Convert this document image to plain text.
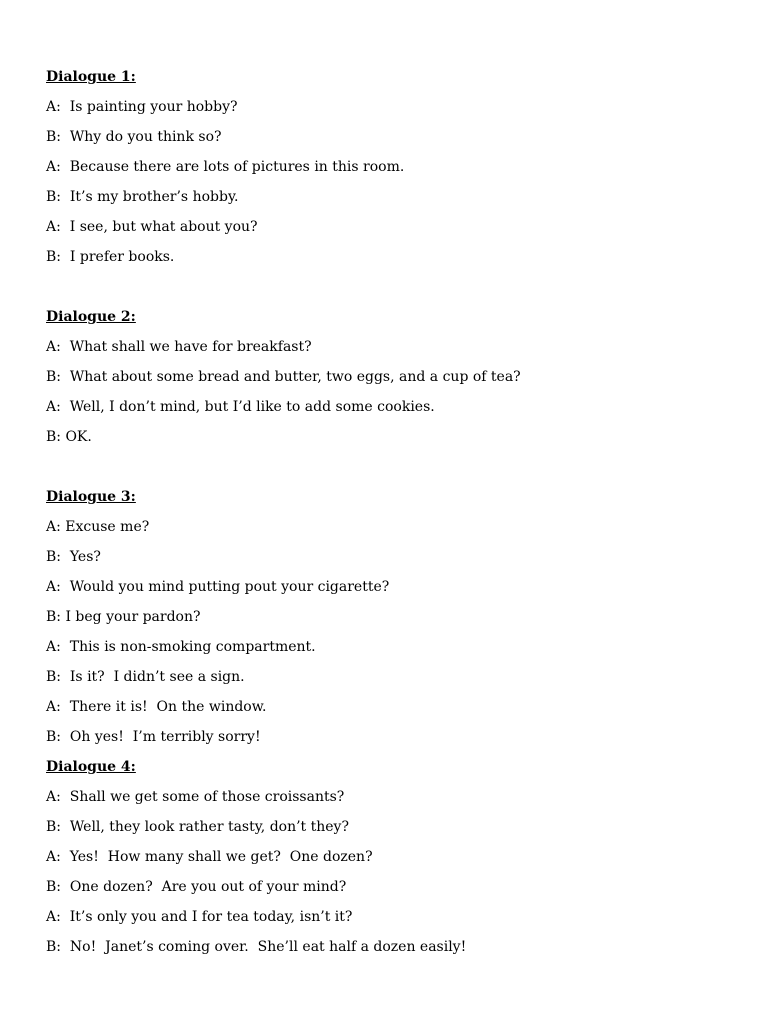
Dialogue 1:
A:  Is painting your hobby?
B:  Why do you think so?
A:  Because there are lots of pictures in this room.
B:  It’s my brother’s hobby.
A:  I see, but what about you?
B:  I prefer books.
Dialogue 2:
A:  What shall we have for breakfast?
B:  What about some bread and butter, two eggs, and a cup of tea?
A:  Well, I don’t mind, but I’d like to add some cookies.
B: OK.
Dialogue 3:
A: Excuse me?
B:  Yes?
A:  Would you mind putting pout your cigarette?
B: I beg your pardon?
A:  This is non-smoking compartment.
B:  Is it?  I didn’t see a sign.
A:  There it is!  On the window.
B:  Oh yes!  I’m terribly sorry!
Dialogue 4:
A:  Shall we get some of those croissants?
B:  Well, they look rather tasty, don’t they?
A:  Yes!  How many shall we get?  One dozen?
B:  One dozen?  Are you out of your mind?
A:  It’s only you and I for tea today, isn’t it?
B:  No!  Janet’s coming over.  She’ll eat half a dozen easily!
